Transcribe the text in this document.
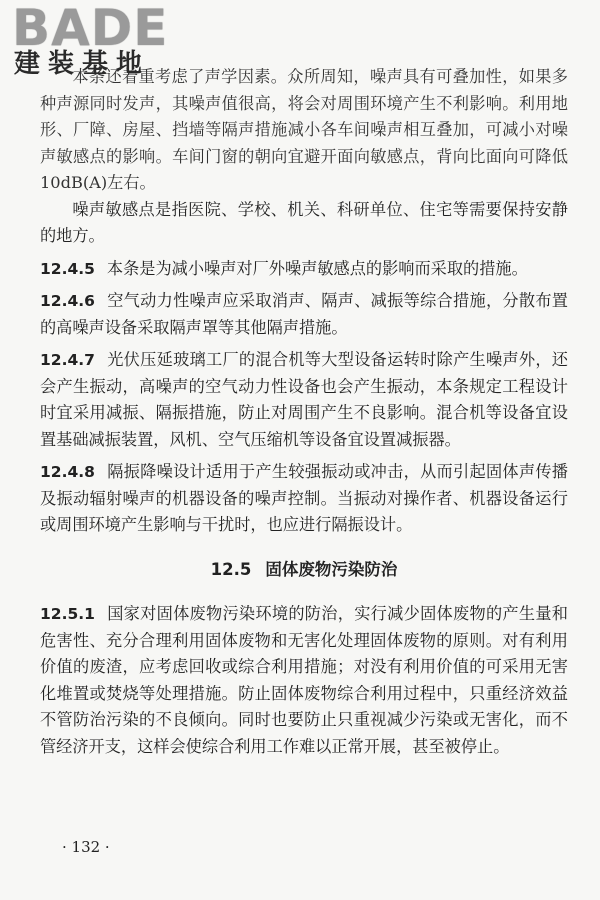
BADE
建装基地

本条还着重考虑了声学因素。众所周知，噪声具有可叠加性，如果多种声源同时发声，其噪声值很高，将会对周围环境产生不利影响。利用地形、厂障、房屋、挡墙等隔声措施减小各车间噪声相互叠加，可减小对噪声敏感点的影响。车间门窗的朝向宜避开面向敏感点，背向比面向可降低 10dB(A)左右。

噪声敏感点是指医院、学校、机关、科研单位、住宅等需要保持安静的地方。

12.4.5 本条是为减小噪声对厂外噪声敏感点的影响而采取的措施。

12.4.6 空气动力性噪声应采取消声、隔声、减振等综合措施，分散布置的高噪声设备采取隔声罩等其他隔声措施。

12.4.7 光伏压延玻璃工厂的混合机等大型设备运转时除产生噪声外，还会产生振动，高噪声的空气动力性设备也会产生振动，本条规定工程设计时宜采用减振、隔振措施，防止对周围产生不良影响。混合机等设备宜设置基础减振装置，风机、空气压缩机等设备宜设置减振器。

12.4.8 隔振降噪设计适用于产生较强振动或冲击，从而引起固体声传播及振动辐射噪声的机器设备的噪声控制。当振动对操作者、机器设备运行或周围环境产生影响与干扰时，也应进行隔振设计。

12.5 固体废物污染防治

12.5.1 国家对固体废物污染环境的防治，实行减少固体废物的产生量和危害性、充分合理利用固体废物和无害化处理固体废物的原则。对有利用价值的废渣，应考虑回收或综合利用措施；对没有利用价值的可采用无害化堆置或焚烧等处理措施。防止固体废物综合利用过程中，只重经济效益不管防治污染的不良倾向。同时也要防止只重视减少污染或无害化，而不管经济开支，这样会使综合利用工作难以正常开展，甚至被停止。

· 132 ·
